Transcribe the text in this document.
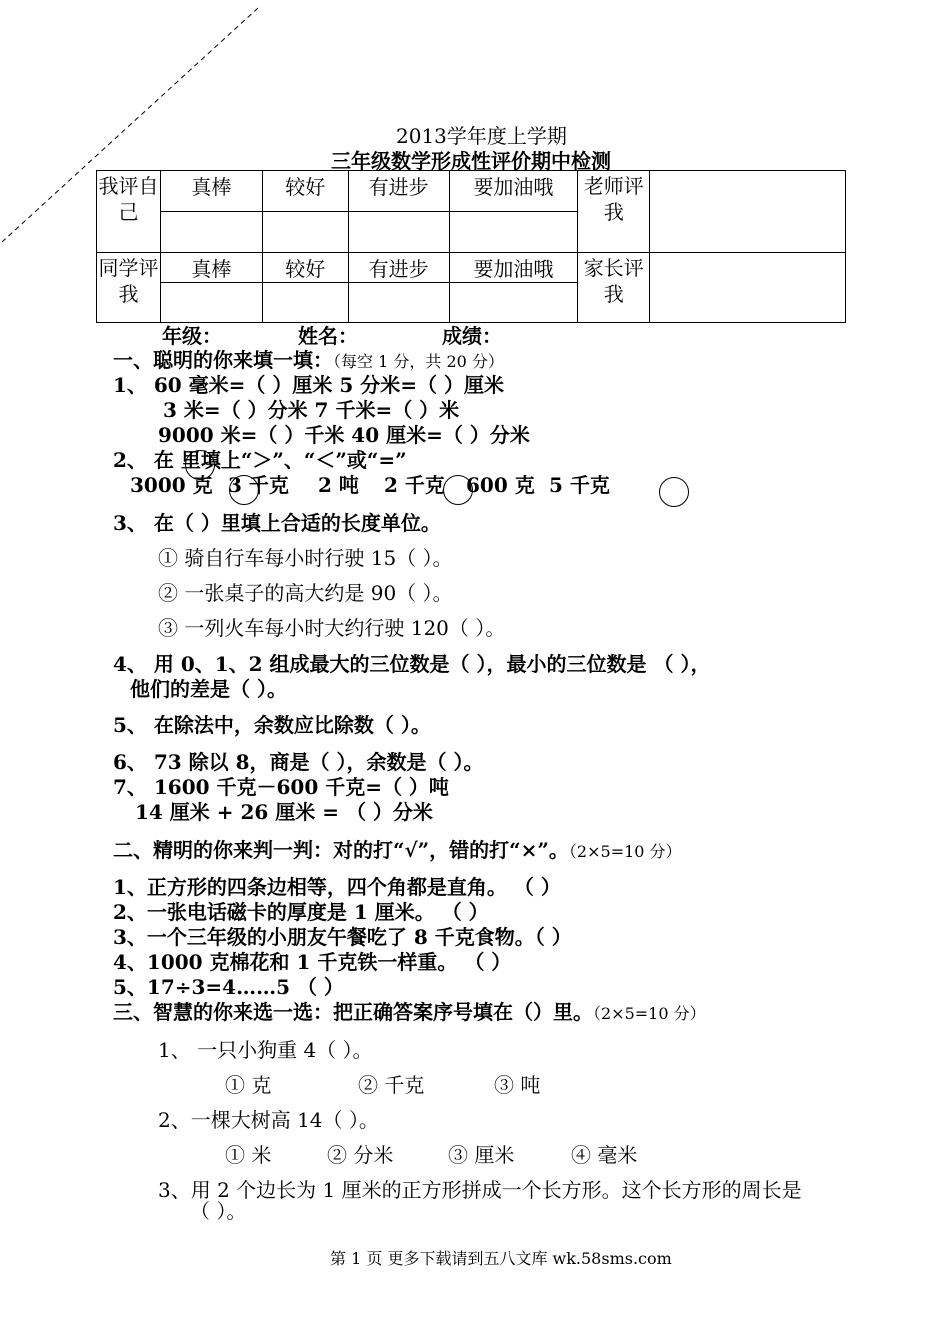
2013学年度上学期
三年级数学形成性评价期中检测
我评自己	真棒	较好	有进步	要加油哦	老师评我	

同学评我	真棒	较好	有进步	要加油哦	家长评我	

年级：	姓名：	成绩：
一、聪明的你来填一填：（每空 1 分，共 20 分）
1、 60 毫米=（ ）厘米 5 分米=（ ）厘米
3 米=（ ）分米 7 千米=（ ）米
9000 米=（ ）千米 40 厘米=（ ）分米
2、 在 里填上“＞”、“＜”或“=”
3000 克 3 千克 2 吨 2 千克 600 克 5 千克
3、 在（ ）里填上合适的长度单位。
① 骑自行车每小时行驶 15（ ）。
② 一张桌子的高大约是 90（ ）。
③ 一列火车每小时大约行驶 120（ ）。
4、 用 0、1、2 组成最大的三位数是（ ），最小的三位数是 （ ），
他们的差是（ ）。
5、 在除法中，余数应比除数（ ）。
6、 73 除以 8，商是（ ），余数是（ ）。
7、 1600 千克－600 千克=（ ）吨
14 厘米 + 26 厘米 = （ ）分米
二、精明的你来判一判：对的打“√”，错的打“×”。（2×5=10 分）
1、正方形的四条边相等，四个角都是直角。 （ ）
2、一张电话磁卡的厚度是 1 厘米。 （ ）
3、一个三年级的小朋友午餐吃了 8 千克食物。（ ）
4、1000 克棉花和 1 千克铁一样重。 （ ）
5、17÷3=4……5 （ ）
三、智慧的你来选一选：把正确答案序号填在（）里。（2×5=10 分）
1、 一只小狗重 4（ ）。
① 克	② 千克	③ 吨
2、一棵大树高 14（ ）。
① 米	② 分米	③ 厘米	④ 毫米
3、用 2 个边长为 1 厘米的正方形拼成一个长方形。这个长方形的周长是
（ ）。
第 1 页 更多下载请到五八文库 wk.58sms.com
